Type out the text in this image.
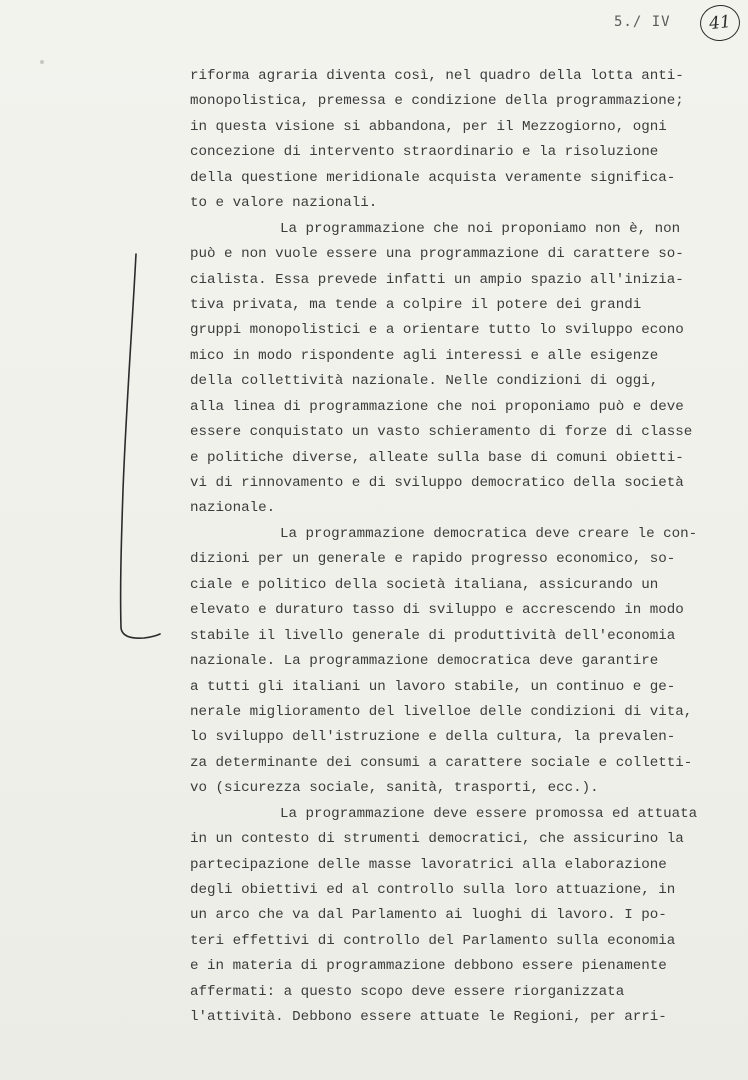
5./ IV	41
riforma agraria diventa così, nel quadro della lotta anti-
monopolistica, premessa e condizione della programmazione;
in questa visione si abbandona, per il Mezzogiorno, ogni
concezione di intervento straordinario e la risoluzione
della questione meridionale acquista veramente significa-
to e valore nazionali.
La programmazione che noi proponiamo non è, non
può e non vuole essere una programmazione di carattere so-
cialista. Essa prevede infatti un ampio spazio all'inizia-
tiva privata, ma tende a colpire il potere dei grandi
gruppi monopolistici e a orientare tutto lo sviluppo econo
mico in modo rispondente agli interessi e alle esigenze
della collettività nazionale. Nelle condizioni di oggi,
alla linea di programmazione che noi proponiamo può e deve
essere conquistato un vasto schieramento di forze di classe
e politiche diverse, alleate sulla base di comuni obietti-
vi di rinnovamento e di sviluppo democratico della società
nazionale.
La programmazione democratica deve creare le con-
dizioni per un generale e rapido progresso economico, so-
ciale e politico della società italiana, assicurando un
elevato e duraturo tasso di sviluppo e accrescendo in modo
stabile il livello generale di produttività dell'economia
nazionale. La programmazione democratica deve garantire
a tutti gli italiani un lavoro stabile, un continuo e ge-
nerale miglioramento del livelloe delle condizioni di vita,
lo sviluppo dell'istruzione e della cultura, la prevalen-
za determinante dei consumi a carattere sociale e colletti-
vo (sicurezza sociale, sanità, trasporti, ecc.).
La programmazione deve essere promossa ed attuata
in un contesto di strumenti democratici, che assicurino la
partecipazione delle masse lavoratrici alla elaborazione
degli obiettivi ed al controllo sulla loro attuazione, in
un arco che va dal Parlamento ai luoghi di lavoro. I po-
teri effettivi di controllo del Parlamento sulla economia
e in materia di programmazione debbono essere pienamente
affermati: a questo scopo deve essere riorganizzata
l'attività. Debbono essere attuate le Regioni, per arri-
